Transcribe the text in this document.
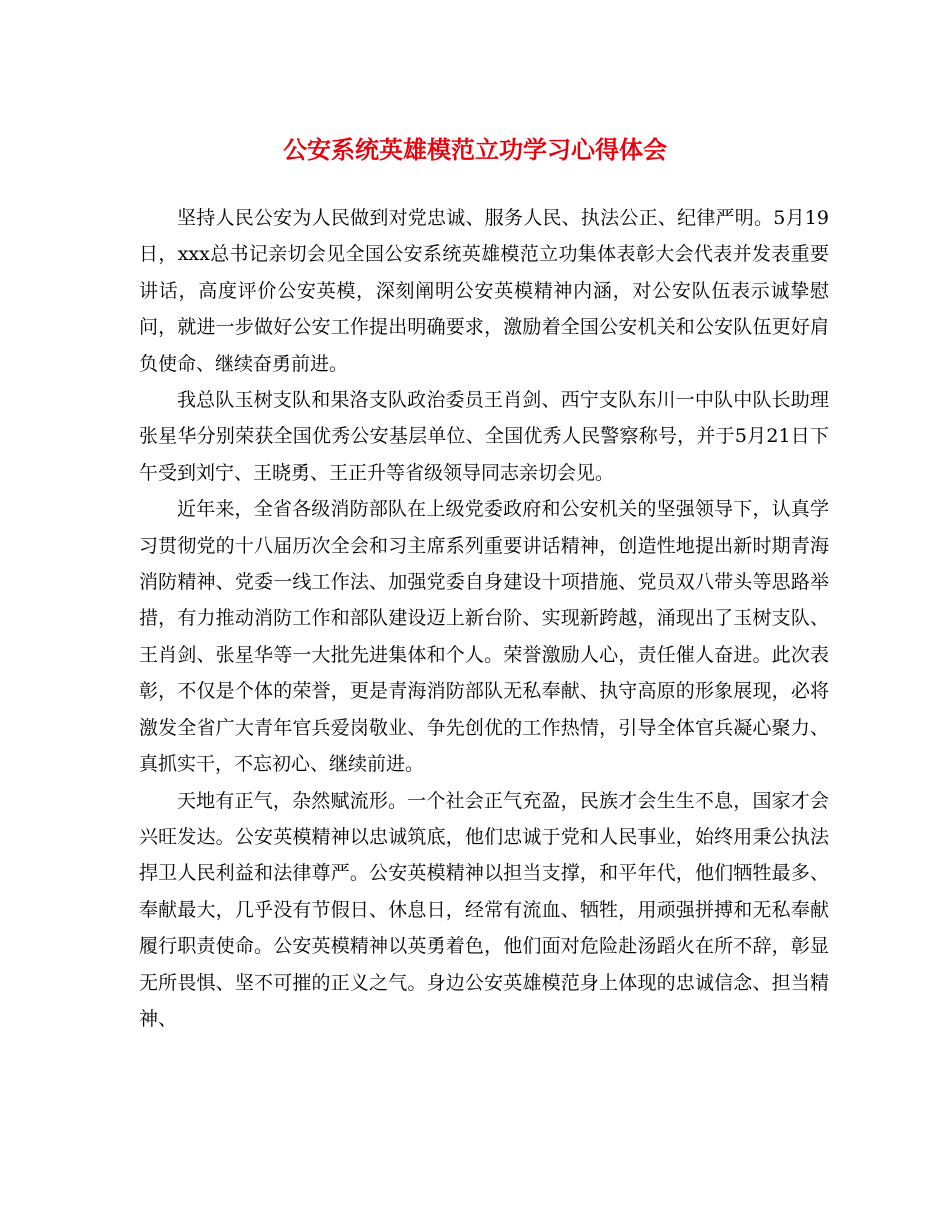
公安系统英雄模范立功学习心得体会

坚持人民公安为人民做到对党忠诚、服务人民、执法公正、纪律严明。5月19日，xxx总书记亲切会见全国公安系统英雄模范立功集体表彰大会代表并发表重要讲话，高度评价公安英模，深刻阐明公安英模精神内涵，对公安队伍表示诚挚慰问，就进一步做好公安工作提出明确要求，激励着全国公安机关和公安队伍更好肩负使命、继续奋勇前进。

我总队玉树支队和果洛支队政治委员王肖剑、西宁支队东川一中队中队长助理张星华分别荣获全国优秀公安基层单位、全国优秀人民警察称号，并于5月21日下午受到刘宁、王晓勇、王正升等省级领导同志亲切会见。

近年来，全省各级消防部队在上级党委政府和公安机关的坚强领导下，认真学习贯彻党的十八届历次全会和习主席系列重要讲话精神，创造性地提出新时期青海消防精神、党委一线工作法、加强党委自身建设十项措施、党员双八带头等思路举措，有力推动消防工作和部队建设迈上新台阶、实现新跨越，涌现出了玉树支队、王肖剑、张星华等一大批先进集体和个人。荣誉激励人心，责任催人奋进。此次表彰，不仅是个体的荣誉，更是青海消防部队无私奉献、执守高原的形象展现，必将激发全省广大青年官兵爱岗敬业、争先创优的工作热情，引导全体官兵凝心聚力、真抓实干，不忘初心、继续前进。

天地有正气，杂然赋流形。一个社会正气充盈，民族才会生生不息，国家才会兴旺发达。公安英模精神以忠诚筑底，他们忠诚于党和人民事业，始终用秉公执法捍卫人民利益和法律尊严。公安英模精神以担当支撑，和平年代，他们牺牲最多、奉献最大，几乎没有节假日、休息日，经常有流血、牺牲，用顽强拼搏和无私奉献履行职责使命。公安英模精神以英勇着色，他们面对危险赴汤蹈火在所不辞，彰显无所畏惧、坚不可摧的正义之气。身边公安英雄模范身上体现的忠诚信念、担当精神、
